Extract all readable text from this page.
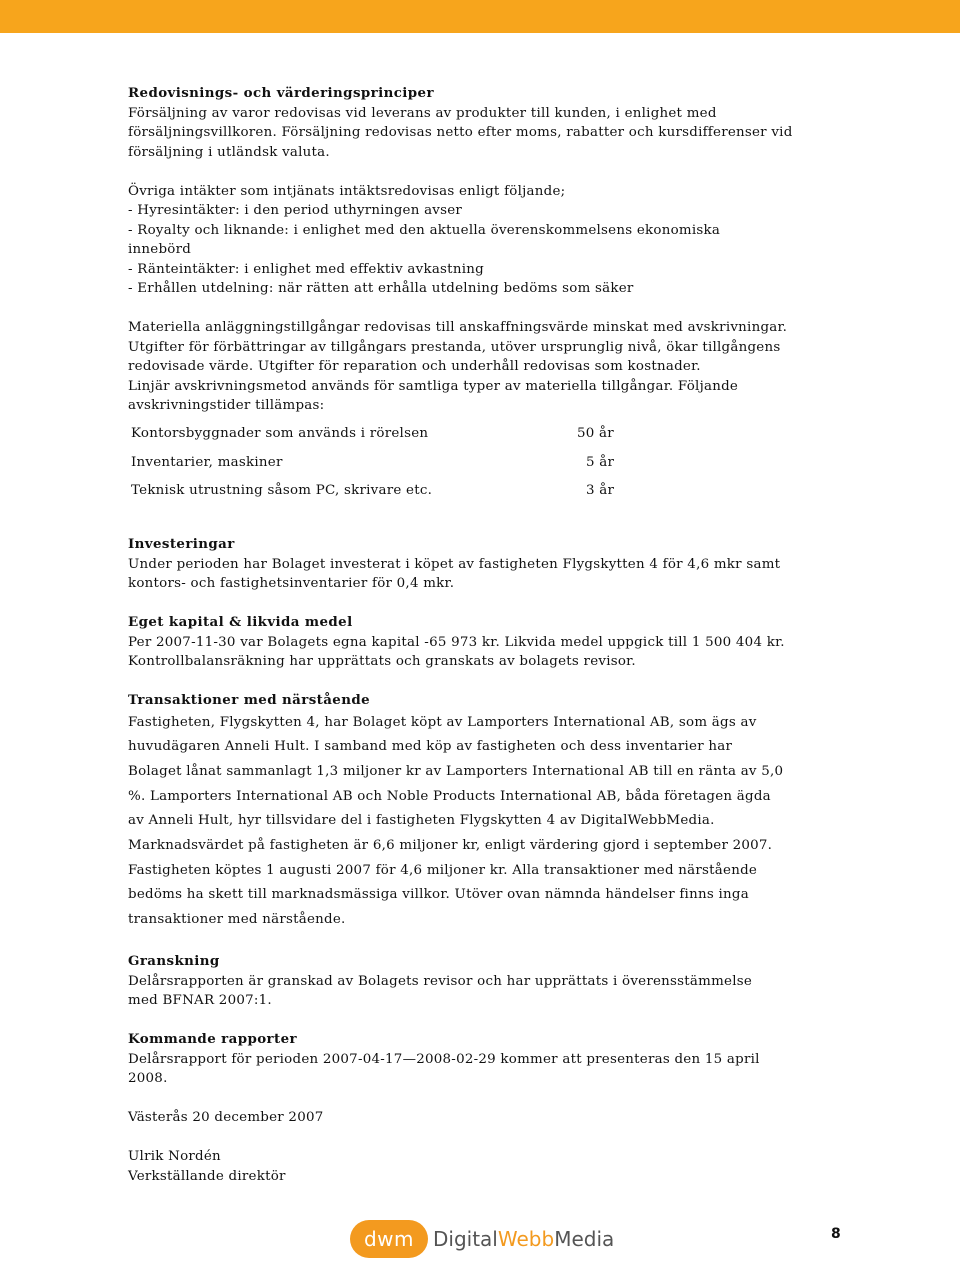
Redovisnings- och värderingsprinciper

Försäljning av varor redovisas vid leverans av produkter till kunden, i enlighet med
försäljningsvillkoren. Försäljning redovisas netto efter moms, rabatter och kursdifferenser vid
försäljning i utländsk valuta.

Övriga intäkter som intjänats intäktsredovisas enligt följande;
- Hyresintäkter: i den period uthyrningen avser
- Royalty och liknande: i enlighet med den aktuella överenskommelsens ekonomiska
innebörd
- Ränteintäkter: i enlighet med effektiv avkastning
- Erhållen utdelning: när rätten att erhålla utdelning bedöms som säker

Materiella anläggningstillgångar redovisas till anskaffningsvärde minskat med avskrivningar.
Utgifter för förbättringar av tillgångars prestanda, utöver ursprunglig nivå, ökar tillgångens
redovisade värde. Utgifter för reparation och underhåll redovisas som kostnader.
Linjär avskrivningsmetod används för samtliga typer av materiella tillgångar. Följande
avskrivningstider tillämpas:

Kontorsbyggnader som används i rörelsen	50 år
Inventarier, maskiner	5 år
Teknisk utrustning såsom PC, skrivare etc.	3 år

Investeringar

Under perioden har Bolaget investerat i köpet av fastigheten Flygskytten 4 för 4,6 mkr samt
kontors- och fastighetsinventarier för 0,4 mkr.

Eget kapital & likvida medel

Per 2007-11-30 var Bolagets egna kapital -65 973 kr. Likvida medel uppgick till 1 500 404 kr.
Kontrollbalansräkning har upprättats och granskats av bolagets revisor.

Transaktioner med närstående

Fastigheten, Flygskytten 4, har Bolaget köpt av Lamporters International AB, som ägs av
huvudägaren Anneli Hult. I samband med köp av fastigheten och dess inventarier har
Bolaget lånat sammanlagt 1,3 miljoner kr av Lamporters International AB till en ränta av 5,0
%. Lamporters International AB och Noble Products International AB, båda företagen ägda
av Anneli Hult, hyr tillsvidare del i fastigheten Flygskytten 4 av DigitalWebbMedia.
Marknadsvärdet på fastigheten är 6,6 miljoner kr, enligt värdering gjord i september 2007.
Fastigheten köptes 1 augusti 2007 för 4,6 miljoner kr. Alla transaktioner med närstående
bedöms ha skett till marknadsmässiga villkor. Utöver ovan nämnda händelser finns inga
transaktioner med närstående.

Granskning

Delårsrapporten är granskad av Bolagets revisor och har upprättats i överensstämmelse
med BFNAR 2007:1.

Kommande rapporter

Delårsrapport för perioden 2007-04-17—2008-02-29 kommer att presenteras den 15 april
2008.

Västerås 20 december 2007

Ulrik Nordén
Verkställande direktör

dwm DigitalWebbMedia	8
